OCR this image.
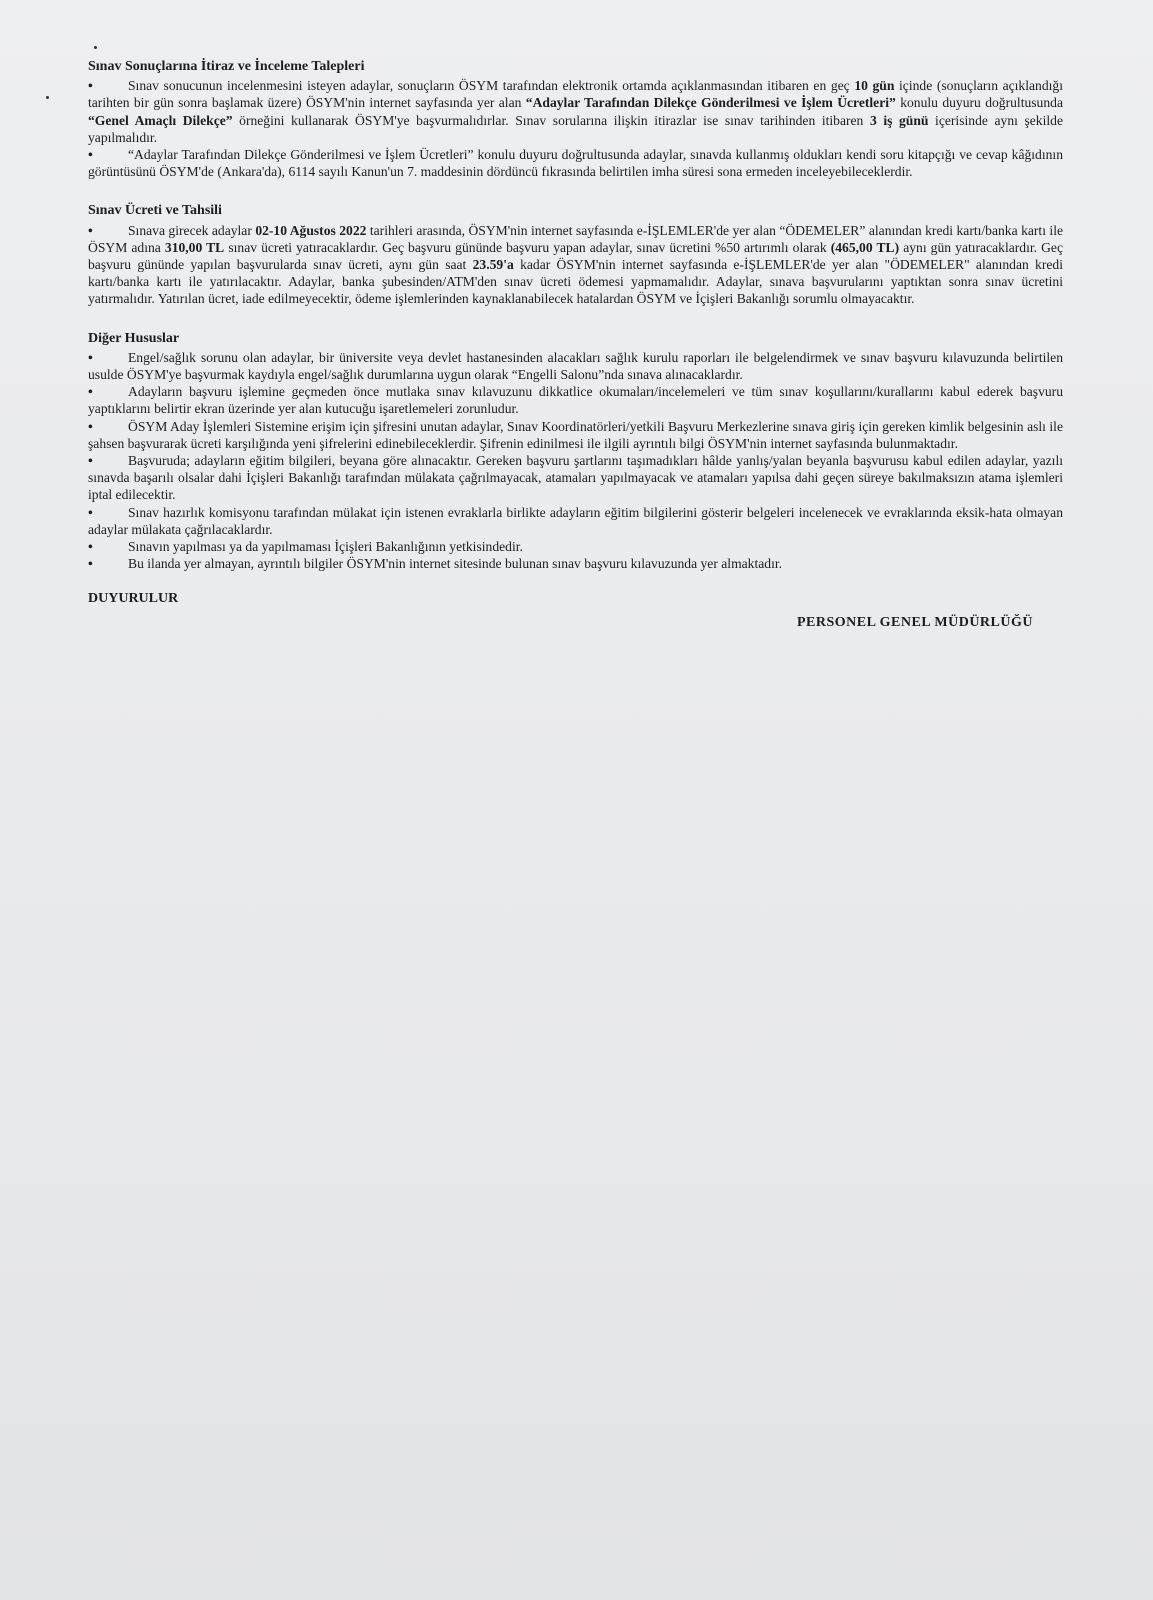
Sınav Sonuçlarına İtiraz ve İnceleme Talepleri
•	Sınav sonucunun incelenmesini isteyen adaylar, sonuçların ÖSYM tarafından elektronik ortamda açıklanmasından itibaren en geç 10 gün içinde (sonuçların açıklandığı tarihten bir gün sonra başlamak üzere) ÖSYM'nin internet sayfasında yer alan “Adaylar Tarafından Dilekçe Gönderilmesi ve İşlem Ücretleri” konulu duyuru doğrultusunda “Genel Amaçlı Dilekçe” örneğini kullanarak ÖSYM'ye başvurmalıdırlar. Sınav sorularına ilişkin itirazlar ise sınav tarihinden itibaren 3 iş günü içerisinde aynı şekilde yapılmalıdır.
•	“Adaylar Tarafından Dilekçe Gönderilmesi ve İşlem Ücretleri” konulu duyuru doğrultusunda adaylar, sınavda kullanmış oldukları kendi soru kitapçığı ve cevap kâğıdının görüntüsünü ÖSYM'de (Ankara'da), 6114 sayılı Kanun'un 7. maddesinin dördüncü fıkrasında belirtilen imha süresi sona ermeden inceleyebileceklerdir.
Sınav Ücreti ve Tahsili
•	Sınava girecek adaylar 02-10 Ağustos 2022 tarihleri arasında, ÖSYM'nin internet sayfasında e-İŞLEMLER'de yer alan “ÖDEMELER” alanından kredi kartı/banka kartı ile ÖSYM adına 310,00 TL sınav ücreti yatıracaklardır. Geç başvuru gününde başvuru yapan adaylar, sınav ücretini %50 artırımlı olarak (465,00 TL) aynı gün yatıracaklardır. Geç başvuru gününde yapılan başvurularda sınav ücreti, aynı gün saat 23.59'a kadar ÖSYM'nin internet sayfasında e-İŞLEMLER'de yer alan "ÖDEMELER" alanından kredi kartı/banka kartı ile yatırılacaktır. Adaylar, banka şubesinden/ATM'den sınav ücreti ödemesi yapmamalıdır. Adaylar, sınava başvurularını yaptıktan sonra sınav ücretini yatırmalıdır. Yatırılan ücret, iade edilmeyecektir, ödeme işlemlerinden kaynaklanabilecek hatalardan ÖSYM ve İçişleri Bakanlığı sorumlu olmayacaktır.
Diğer Hususlar
•	Engel/sağlık sorunu olan adaylar, bir üniversite veya devlet hastanesinden alacakları sağlık kurulu raporları ile belgelendirmek ve sınav başvuru kılavuzunda belirtilen usulde ÖSYM'ye başvurmak kaydıyla engel/sağlık durumlarına uygun olarak “Engelli Salonu”nda sınava alınacaklardır.
•	Adayların başvuru işlemine geçmeden önce mutlaka sınav kılavuzunu dikkatlice okumaları/incelemeleri ve tüm sınav koşullarını/kurallarını kabul ederek başvuru yaptıklarını belirtir ekran üzerinde yer alan kutucuğu işaretlemeleri zorunludur.
•	ÖSYM Aday İşlemleri Sistemine erişim için şifresini unutan adaylar, Sınav Koordinatörleri/yetkili Başvuru Merkezlerine sınava giriş için gereken kimlik belgesinin aslı ile şahsen başvurarak ücreti karşılığında yeni şifrelerini edinebileceklerdir. Şifrenin edinilmesi ile ilgili ayrıntılı bilgi ÖSYM'nin internet sayfasında bulunmaktadır.
•	Başvuruda; adayların eğitim bilgileri, beyana göre alınacaktır. Gereken başvuru şartlarını taşımadıkları hâlde yanlış/yalan beyanla başvurusu kabul edilen adaylar, yazılı sınavda başarılı olsalar dahi İçişleri Bakanlığı tarafından mülakata çağrılmayacak, atamaları yapılmayacak ve atamaları yapılsa dahi geçen süreye bakılmaksızın atama işlemleri iptal edilecektir.
•	Sınav hazırlık komisyonu tarafından mülakat için istenen evraklarla birlikte adayların eğitim bilgilerini gösterir belgeleri incelenecek ve evraklarında eksik-hata olmayan adaylar mülakata çağrılacaklardır.
•	Sınavın yapılması ya da yapılmaması İçişleri Bakanlığının yetkisindedir.
•	Bu ilanda yer almayan, ayrıntılı bilgiler ÖSYM'nin internet sitesinde bulunan sınav başvuru kılavuzunda yer almaktadır.
DUYURULUR
PERSONEL GENEL MÜDÜRLÜĞÜ
